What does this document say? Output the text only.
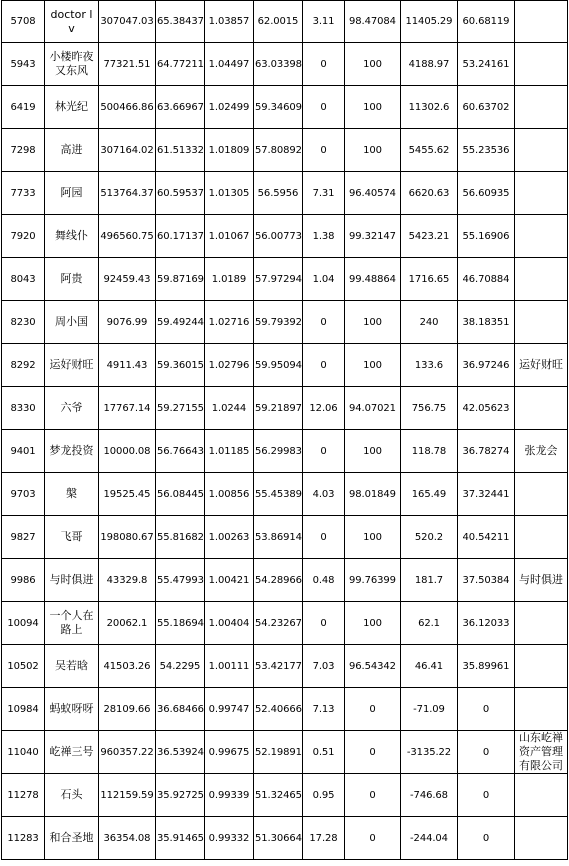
5708	doctor lv	307047.03	65.38437	1.03857	62.0015	3.11	98.47084	11405.29	60.68119	
5943	小楼昨夜又东风	77321.51	64.77211	1.04497	63.03398	0	100	4188.97	53.24161	
6419	林光纪	500466.86	63.66967	1.02499	59.34609	0	100	11302.6	60.63702	
7298	高进	307164.02	61.51332	1.01809	57.80892	0	100	5455.62	55.23536	
7733	阿园	513764.37	60.59537	1.01305	56.5956	7.31	96.40574	6620.63	56.60935	
7920	舞线仆	496560.75	60.17137	1.01067	56.00773	1.38	99.32147	5423.21	55.16906	
8043	阿贵	92459.43	59.87169	1.0189	57.97294	1.04	99.48864	1716.65	46.70884	
8230	周小国	9076.99	59.49244	1.02716	59.79392	0	100	240	38.18351	
8292	运好财旺	4911.43	59.36015	1.02796	59.95094	0	100	133.6	36.97246	运好财旺
8330	六爷	17767.14	59.27155	1.0244	59.21897	12.06	94.07021	756.75	42.05623	
9401	梦龙投资	10000.08	56.76643	1.01185	56.29983	0	100	118.78	36.78274	张龙会
9703	槃	19525.45	56.08445	1.00856	55.45389	4.03	98.01849	165.49	37.32441	
9827	飞哥	198080.67	55.81682	1.00263	53.86914	0	100	520.2	40.54211	
9986	与时俱进	43329.8	55.47993	1.00421	54.28966	0.48	99.76399	181.7	37.50384	与时俱进
10094	一个人在路上	20062.1	55.18694	1.00404	54.23267	0	100	62.1	36.12033	
10502	吴若晗	41503.26	54.2295	1.00111	53.42177	7.03	96.54342	46.41	35.89961	
10984	蚂蚁呀呀	28109.66	36.68466	0.99747	52.40666	7.13	0	-71.09	0	
11040	屹禅三号	960357.22	36.53924	0.99675	52.19891	0.51	0	-3135.22	0	山东屹禅资产管理有限公司
11278	石头	112159.59	35.92725	0.99339	51.32465	0.95	0	-746.68	0	
11283	和合圣地	36354.08	35.91465	0.99332	51.30664	17.28	0	-244.04	0	
